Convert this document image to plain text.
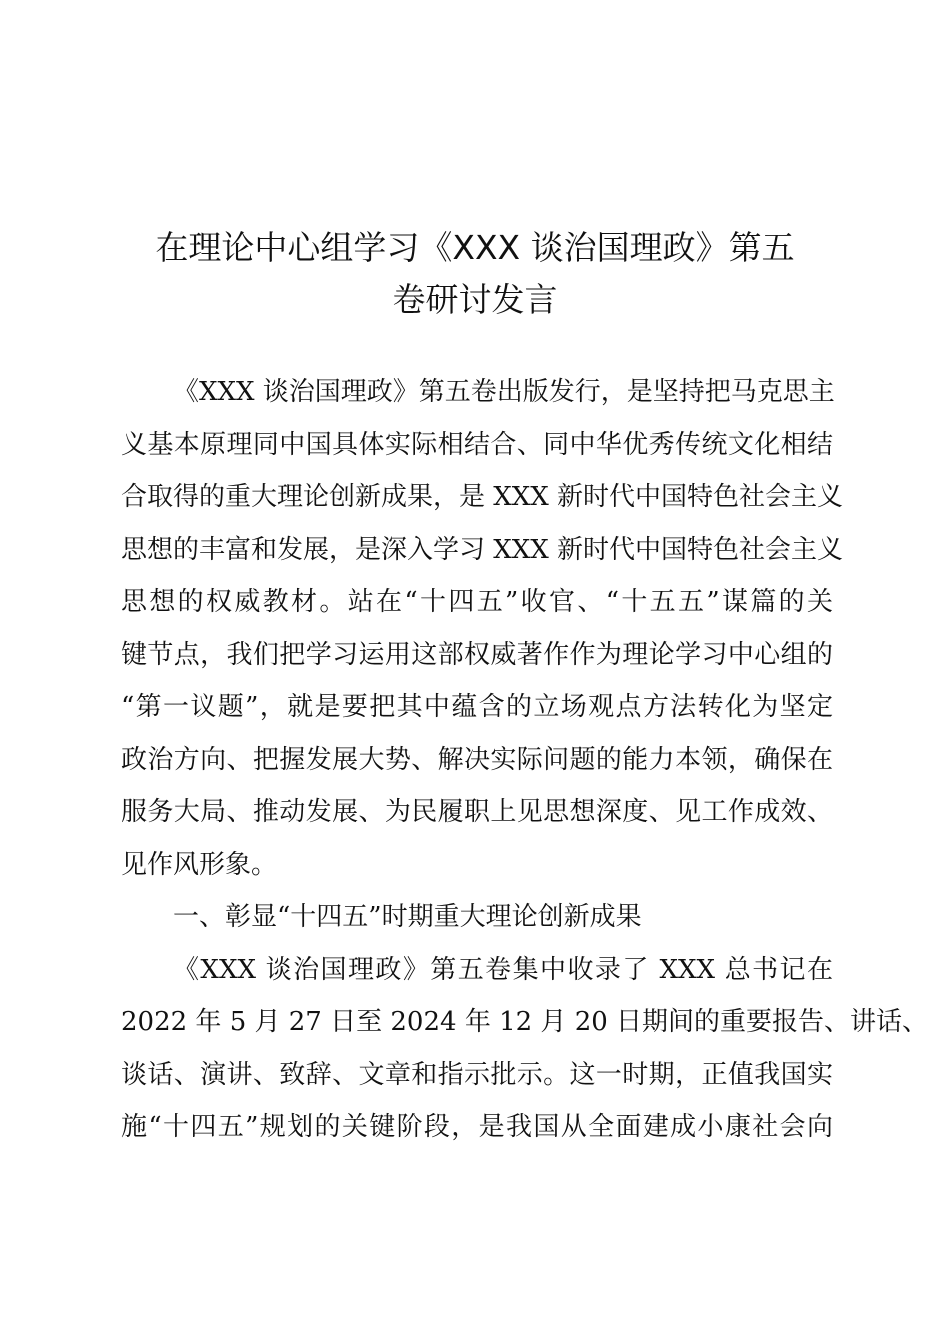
在理论中心组学习《XXX 谈治国理政》第五
卷研讨发言
《XXX 谈治国理政》第五卷出版发行，是坚持把马克思主
义基本原理同中国具体实际相结合、同中华优秀传统文化相结
合取得的重大理论创新成果，是 XXX 新时代中国特色社会主义
思想的丰富和发展，是深入学习 XXX 新时代中国特色社会主义
思想的权威教材。站在“十四五”收官、“十五五”谋篇的关
键节点，我们把学习运用这部权威著作作为理论学习中心组的
“第一议题”，就是要把其中蕴含的立场观点方法转化为坚定
政治方向、把握发展大势、解决实际问题的能力本领，确保在
服务大局、推动发展、为民履职上见思想深度、见工作成效、
见作风形象。
一、彰显“十四五”时期重大理论创新成果
《XXX 谈治国理政》第五卷集中收录了 XXX 总书记在
2022 年 5 月 27 日至 2024 年 12 月 20 日期间的重要报告、讲话、
谈话、演讲、致辞、文章和指示批示。这一时期，正值我国实
施“十四五”规划的关键阶段，是我国从全面建成小康社会向
